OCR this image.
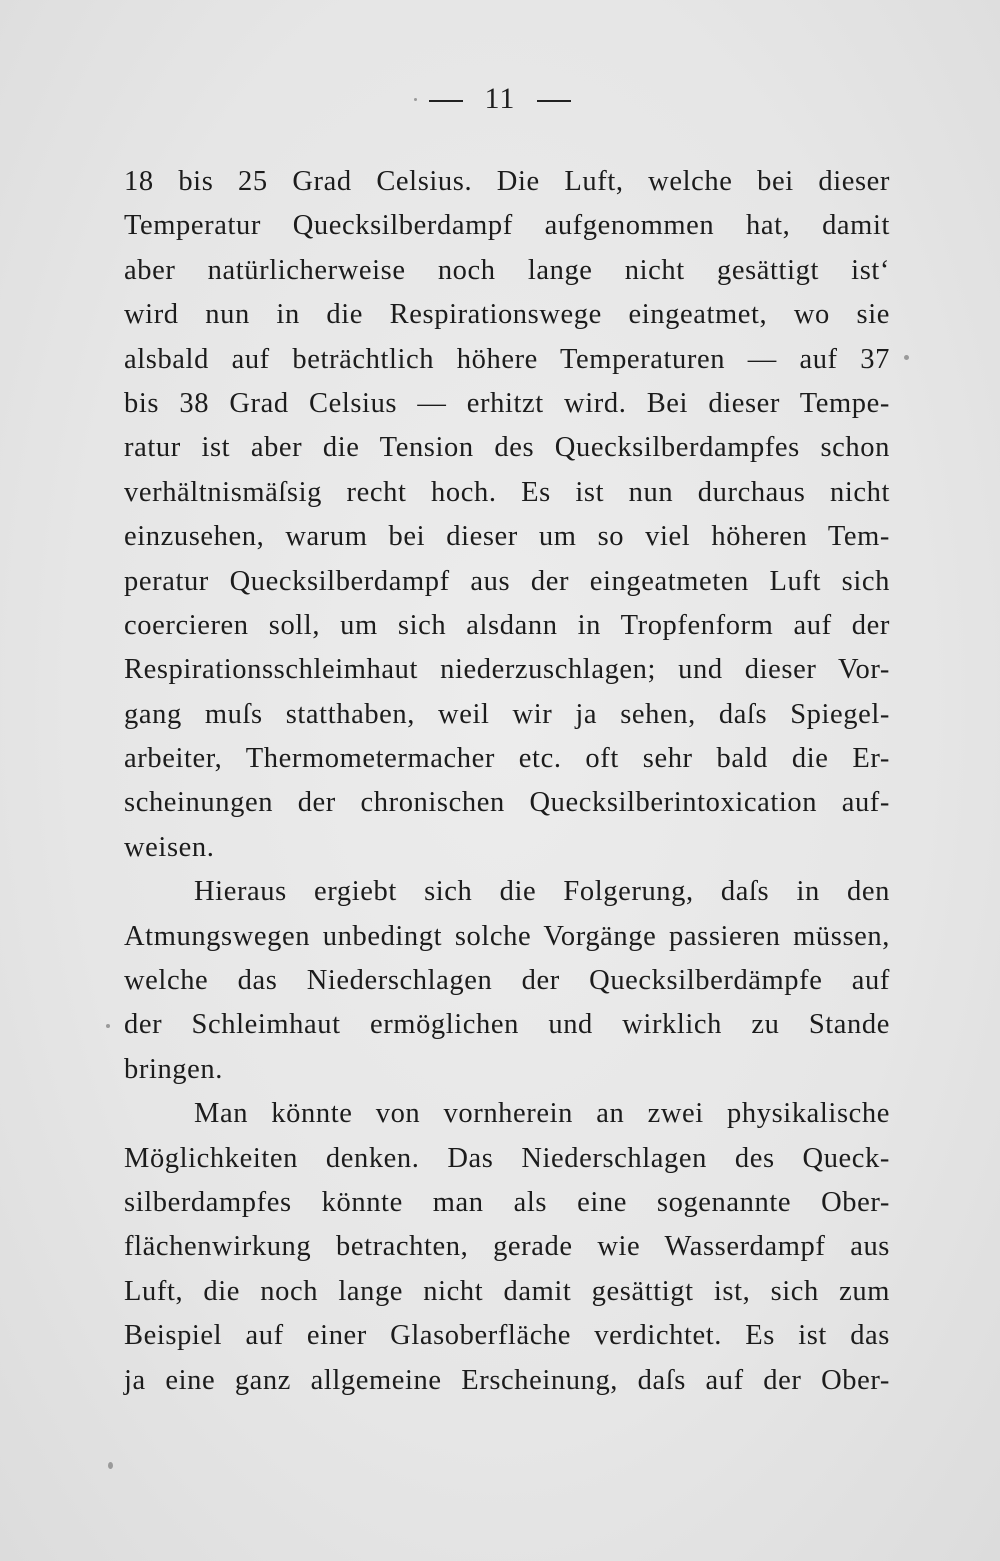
11
18 bis 25 Grad Celsius. Die Luft, welche bei dieser
Temperatur Quecksilberdampf aufgenommen hat, damit
aber natürlicherweise noch lange nicht gesättigt ist‘
wird nun in die Respirationswege eingeatmet, wo sie
alsbald auf beträchtlich höhere Temperaturen — auf 37
bis 38 Grad Celsius — erhitzt wird. Bei dieser Tempe-
ratur ist aber die Tension des Quecksilberdampfes schon
verhältnismäſsig recht hoch. Es ist nun durchaus nicht
einzusehen, warum bei dieser um so viel höheren Tem-
peratur Quecksilberdampf aus der eingeatmeten Luft sich
coercieren soll, um sich alsdann in Tropfenform auf der
Respirationsschleimhaut niederzuschlagen; und dieser Vor-
gang muſs statthaben, weil wir ja sehen, daſs Spiegel-
arbeiter, Thermometermacher etc. oft sehr bald die Er-
scheinungen der chronischen Quecksilberintoxication auf-
weisen.
Hieraus ergiebt sich die Folgerung, daſs in den
Atmungswegen unbedingt solche Vorgänge passieren müssen,
welche das Niederschlagen der Quecksilberdämpfe auf
der Schleimhaut ermöglichen und wirklich zu Stande
bringen.
Man könnte von vornherein an zwei physikalische
Möglichkeiten denken. Das Niederschlagen des Queck-
silberdampfes könnte man als eine sogenannte Ober-
flächenwirkung betrachten, gerade wie Wasserdampf aus
Luft, die noch lange nicht damit gesättigt ist, sich zum
Beispiel auf einer Glasoberfläche verdichtet. Es ist das
ja eine ganz allgemeine Erscheinung, daſs auf der Ober-
